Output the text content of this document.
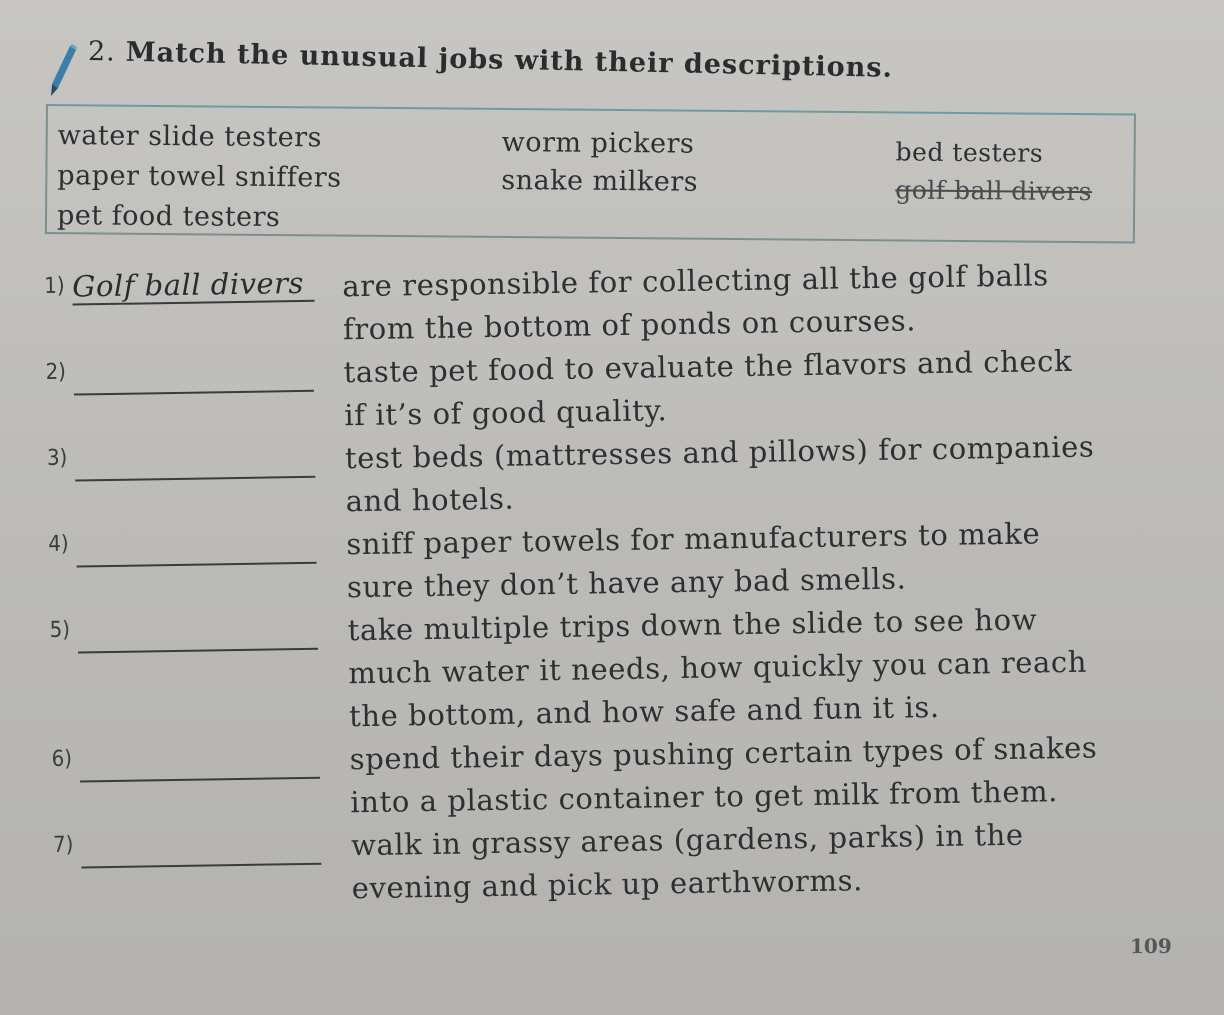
2. Match the unusual jobs with their descriptions.
water slide testers
paper towel sniffers
pet food testers
worm pickers
snake milkers
bed testers
golf ball divers
1) Golf ball divers	are responsible for collecting all the golf balls
from the bottom of ponds on courses.
2)	taste pet food to evaluate the flavors and check
if it’s of good quality.
3)	test beds (mattresses and pillows) for companies
and hotels.
4)	sniff paper towels for manufacturers to make
sure they don’t have any bad smells.
5)	take multiple trips down the slide to see how
much water it needs, how quickly you can reach
the bottom, and how safe and fun it is.
6)	spend their days pushing certain types of snakes
into a plastic container to get milk from them.
7)	walk in grassy areas (gardens, parks) in the
evening and pick up earthworms.
109
